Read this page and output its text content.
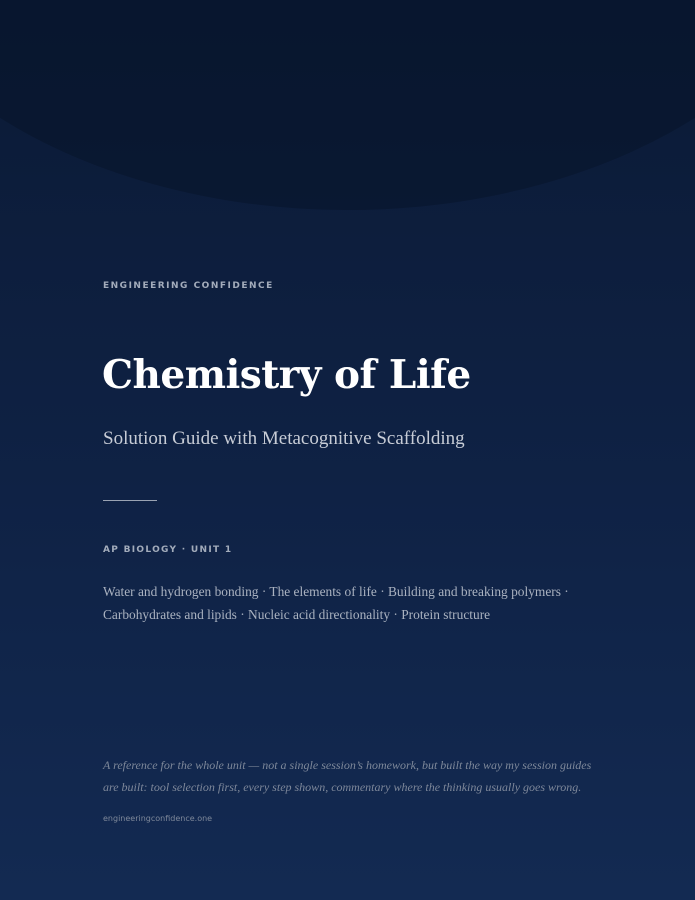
ENGINEERING CONFIDENCE
Chemistry of Life
Solution Guide with Metacognitive Scaffolding
AP BIOLOGY · UNIT 1
Water and hydrogen bonding · The elements of life · Building and breaking polymers ·
Carbohydrates and lipids · Nucleic acid directionality · Protein structure
A reference for the whole unit — not a single session’s homework, but built the way my session guides
are built: tool selection first, every step shown, commentary where the thinking usually goes wrong.
engineeringconfidence.one
